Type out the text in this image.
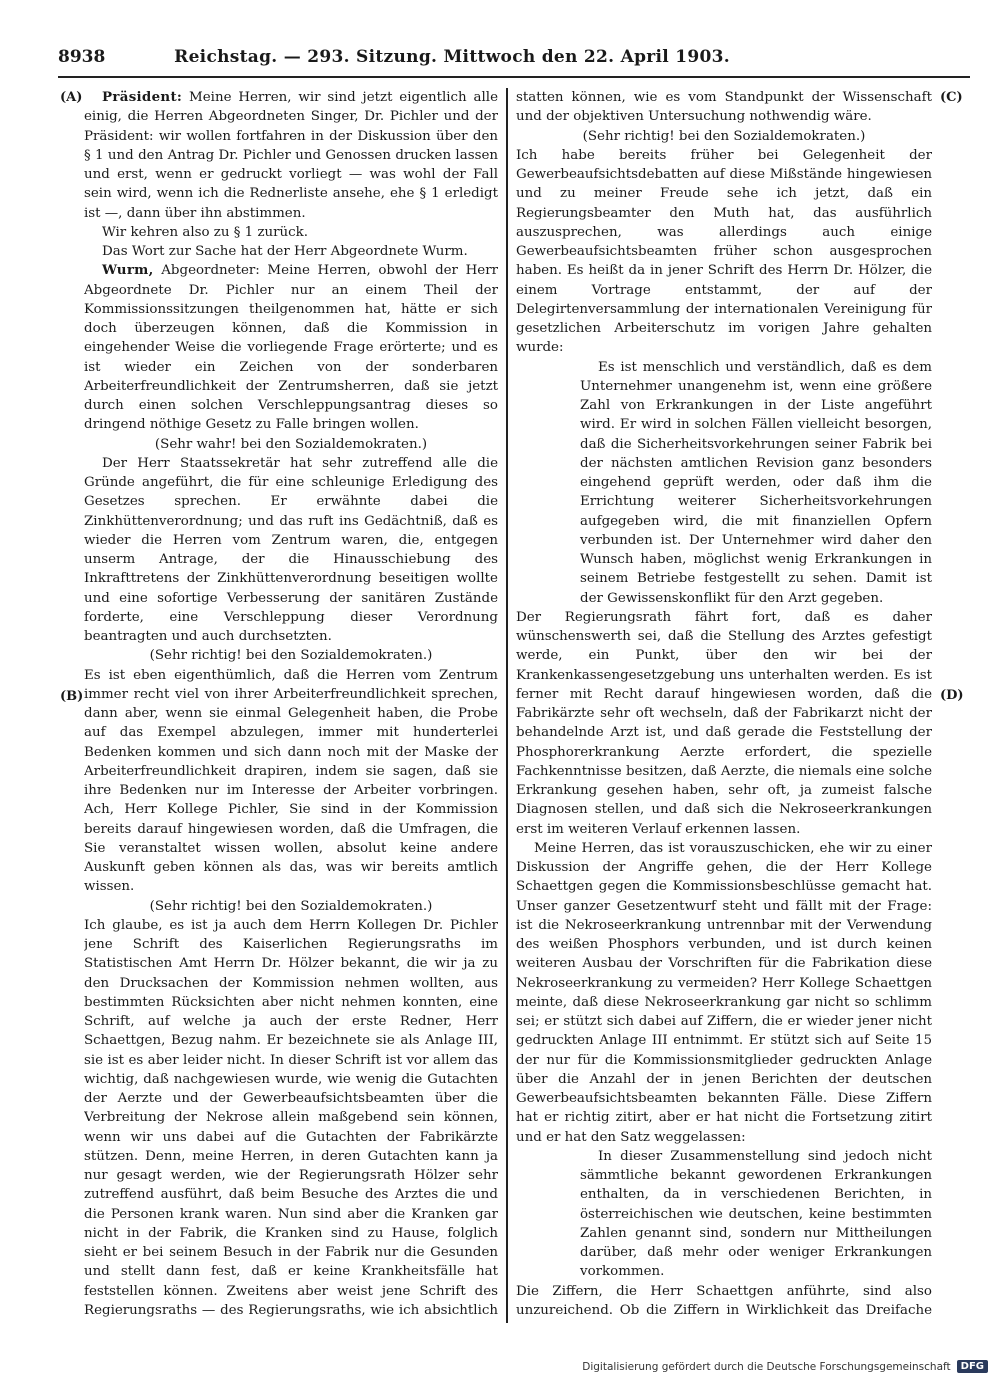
8938	Reichstag. — 293. Sitzung. Mittwoch den 22. April 1903.
(A)
(B)
(C)
(D)

Präsident: Meine Herren, wir sind jetzt eigentlich alle einig, die Herren Abgeordneten Singer, Dr. Pichler und der Präsident: wir wollen fortfahren in der Diskussion über den § 1 und den Antrag Dr. Pichler und Genossen drucken lassen und erst, wenn er gedruckt vorliegt — was wohl der Fall sein wird, wenn ich die Rednerliste ansehe, ehe § 1 erledigt ist —, dann über ihn abstimmen.

Wir kehren also zu § 1 zurück.

Das Wort zur Sache hat der Herr Abgeordnete Wurm.

Wurm, Abgeordneter: Meine Herren, obwohl der Herr Abgeordnete Dr. Pichler nur an einem Theil der Kommissionssitzungen theilgenommen hat, hätte er sich doch überzeugen können, daß die Kommission in eingehender Weise die vorliegende Frage erörterte; und es ist wieder ein Zeichen von der sonderbaren Arbeiterfreundlichkeit der Zentrumsherren, daß sie jetzt durch einen solchen Verschleppungsantrag dieses so dringend nöthige Gesetz zu Falle bringen wollen.

(Sehr wahr! bei den Sozialdemokraten.)

Der Herr Staatssekretär hat sehr zutreffend alle die Gründe angeführt, die für eine schleunige Erledigung des Gesetzes sprechen. Er erwähnte dabei die Zinkhüttenverordnung; und das ruft ins Gedächtniß, daß es wieder die Herren vom Zentrum waren, die, entgegen unserm Antrage, der die Hinausschiebung des Inkrafttretens der Zinkhüttenverordnung beseitigen wollte und eine sofortige Verbesserung der sanitären Zustände forderte, eine Verschleppung dieser Verordnung beantragten und auch durchsetzten.

(Sehr richtig! bei den Sozialdemokraten.)

Es ist eben eigenthümlich, daß die Herren vom Zentrum immer recht viel von ihrer Arbeiterfreundlichkeit sprechen, dann aber, wenn sie einmal Gelegenheit haben, die Probe auf das Exempel abzulegen, immer mit hunderterlei Bedenken kommen und sich dann noch mit der Maske der Arbeiterfreundlichkeit drapiren, indem sie sagen, daß sie ihre Bedenken nur im Interesse der Arbeiter vorbringen. Ach, Herr Kollege Pichler, Sie sind in der Kommission bereits darauf hingewiesen worden, daß die Umfragen, die Sie veranstaltet wissen wollen, absolut keine andere Auskunft geben können als das, was wir bereits amtlich wissen.

(Sehr richtig! bei den Sozialdemokraten.)

Ich glaube, es ist ja auch dem Herrn Kollegen Dr. Pichler jene Schrift des Kaiserlichen Regierungsraths im Statistischen Amt Herrn Dr. Hölzer bekannt, die wir ja zu den Drucksachen der Kommission nehmen wollten, aus bestimmten Rücksichten aber nicht nehmen konnten, eine Schrift, auf welche ja auch der erste Redner, Herr Schaettgen, Bezug nahm. Er bezeichnete sie als Anlage III, sie ist es aber leider nicht. In dieser Schrift ist vor allem das wichtig, daß nachgewiesen wurde, wie wenig die Gutachten der Aerzte und der Gewerbeaufsichtsbeamten über die Verbreitung der Nekrose allein maßgebend sein können, wenn wir uns dabei auf die Gutachten der Fabrikärzte stützen. Denn, meine Herren, in deren Gutachten kann ja nur gesagt werden, wie der Regierungsrath Hölzer sehr zutreffend ausführt, daß beim Besuche des Arztes die und die Personen krank waren. Nun sind aber die Kranken gar nicht in der Fabrik, die Kranken sind zu Hause, folglich sieht er bei seinem Besuch in der Fabrik nur die Gesunden und stellt dann fest, daß er keine Krankheitsfälle hat feststellen können. Zweitens aber weist jene Schrift des Regierungsraths — des Regierungsraths, wie ich absichtlich

statten können, wie es vom Standpunkt der Wissenschaft und der objektiven Untersuchung nothwendig wäre.

(Sehr richtig! bei den Sozialdemokraten.)

Ich habe bereits früher bei Gelegenheit der Gewerbeaufsichtsdebatten auf diese Mißstände hingewiesen und zu meiner Freude sehe ich jetzt, daß ein Regierungsbeamter den Muth hat, das ausführlich auszusprechen, was allerdings auch einige Gewerbeaufsichtsbeamten früher schon ausgesprochen haben. Es heißt da in jener Schrift des Herrn Dr. Hölzer, die einem Vortrage entstammt, der auf der Delegirtenversammlung der internationalen Vereinigung für gesetzlichen Arbeiterschutz im vorigen Jahre gehalten wurde:

Es ist menschlich und verständlich, daß es dem Unternehmer unangenehm ist, wenn eine größere Zahl von Erkrankungen in der Liste angeführt wird. Er wird in solchen Fällen vielleicht besorgen, daß die Sicherheitsvorkehrungen seiner Fabrik bei der nächsten amtlichen Revision ganz besonders eingehend geprüft werden, oder daß ihm die Errichtung weiterer Sicherheitsvorkehrungen aufgegeben wird, die mit finanziellen Opfern verbunden ist. Der Unternehmer wird daher den Wunsch haben, möglichst wenig Erkrankungen in seinem Betriebe festgestellt zu sehen. Damit ist der Gewissenskonflikt für den Arzt gegeben.

Der Regierungsrath fährt fort, daß es daher wünschenswerth sei, daß die Stellung des Arztes gefestigt werde, ein Punkt, über den wir bei der Krankenkassengesetzgebung uns unterhalten werden. Es ist ferner mit Recht darauf hingewiesen worden, daß die Fabrikärzte sehr oft wechseln, daß der Fabrikarzt nicht der behandelnde Arzt ist, und daß gerade die Feststellung der Phosphorerkrankung Aerzte erfordert, die spezielle Fachkenntnisse besitzen, daß Aerzte, die niemals eine solche Erkrankung gesehen haben, sehr oft, ja zumeist falsche Diagnosen stellen, und daß sich die Nekroseerkrankungen erst im weiteren Verlauf erkennen lassen.

Meine Herren, das ist vorauszuschicken, ehe wir zu einer Diskussion der Angriffe gehen, die der Herr Kollege Schaettgen gegen die Kommissionsbeschlüsse gemacht hat. Unser ganzer Gesetzentwurf steht und fällt mit der Frage: ist die Nekroseerkrankung untrennbar mit der Verwendung des weißen Phosphors verbunden, und ist durch keinen weiteren Ausbau der Vorschriften für die Fabrikation diese Nekroseerkrankung zu vermeiden? Herr Kollege Schaettgen meinte, daß diese Nekroseerkrankung gar nicht so schlimm sei; er stützt sich dabei auf Ziffern, die er wieder jener nicht gedruckten Anlage III entnimmt. Er stützt sich auf Seite 15 der nur für die Kommissionsmitglieder gedruckten Anlage über die Anzahl der in jenen Berichten der deutschen Gewerbeaufsichtsbeamten bekannten Fälle. Diese Ziffern hat er richtig zitirt, aber er hat nicht die Fortsetzung zitirt und er hat den Satz weggelassen:

In dieser Zusammenstellung sind jedoch nicht sämmtliche bekannt gewordenen Erkrankungen enthalten, da in verschiedenen Berichten, in österreichischen wie deutschen, keine bestimmten Zahlen genannt sind, sondern nur Mittheilungen darüber, daß mehr oder weniger Erkrankungen vorkommen.

Die Ziffern, die Herr Schaettgen anführte, sind also unzureichend. Ob die Ziffern in Wirklichkeit das Dreifache

Digitalisierung gefördert durch die Deutsche Forschungsgemeinschaft	DFG
